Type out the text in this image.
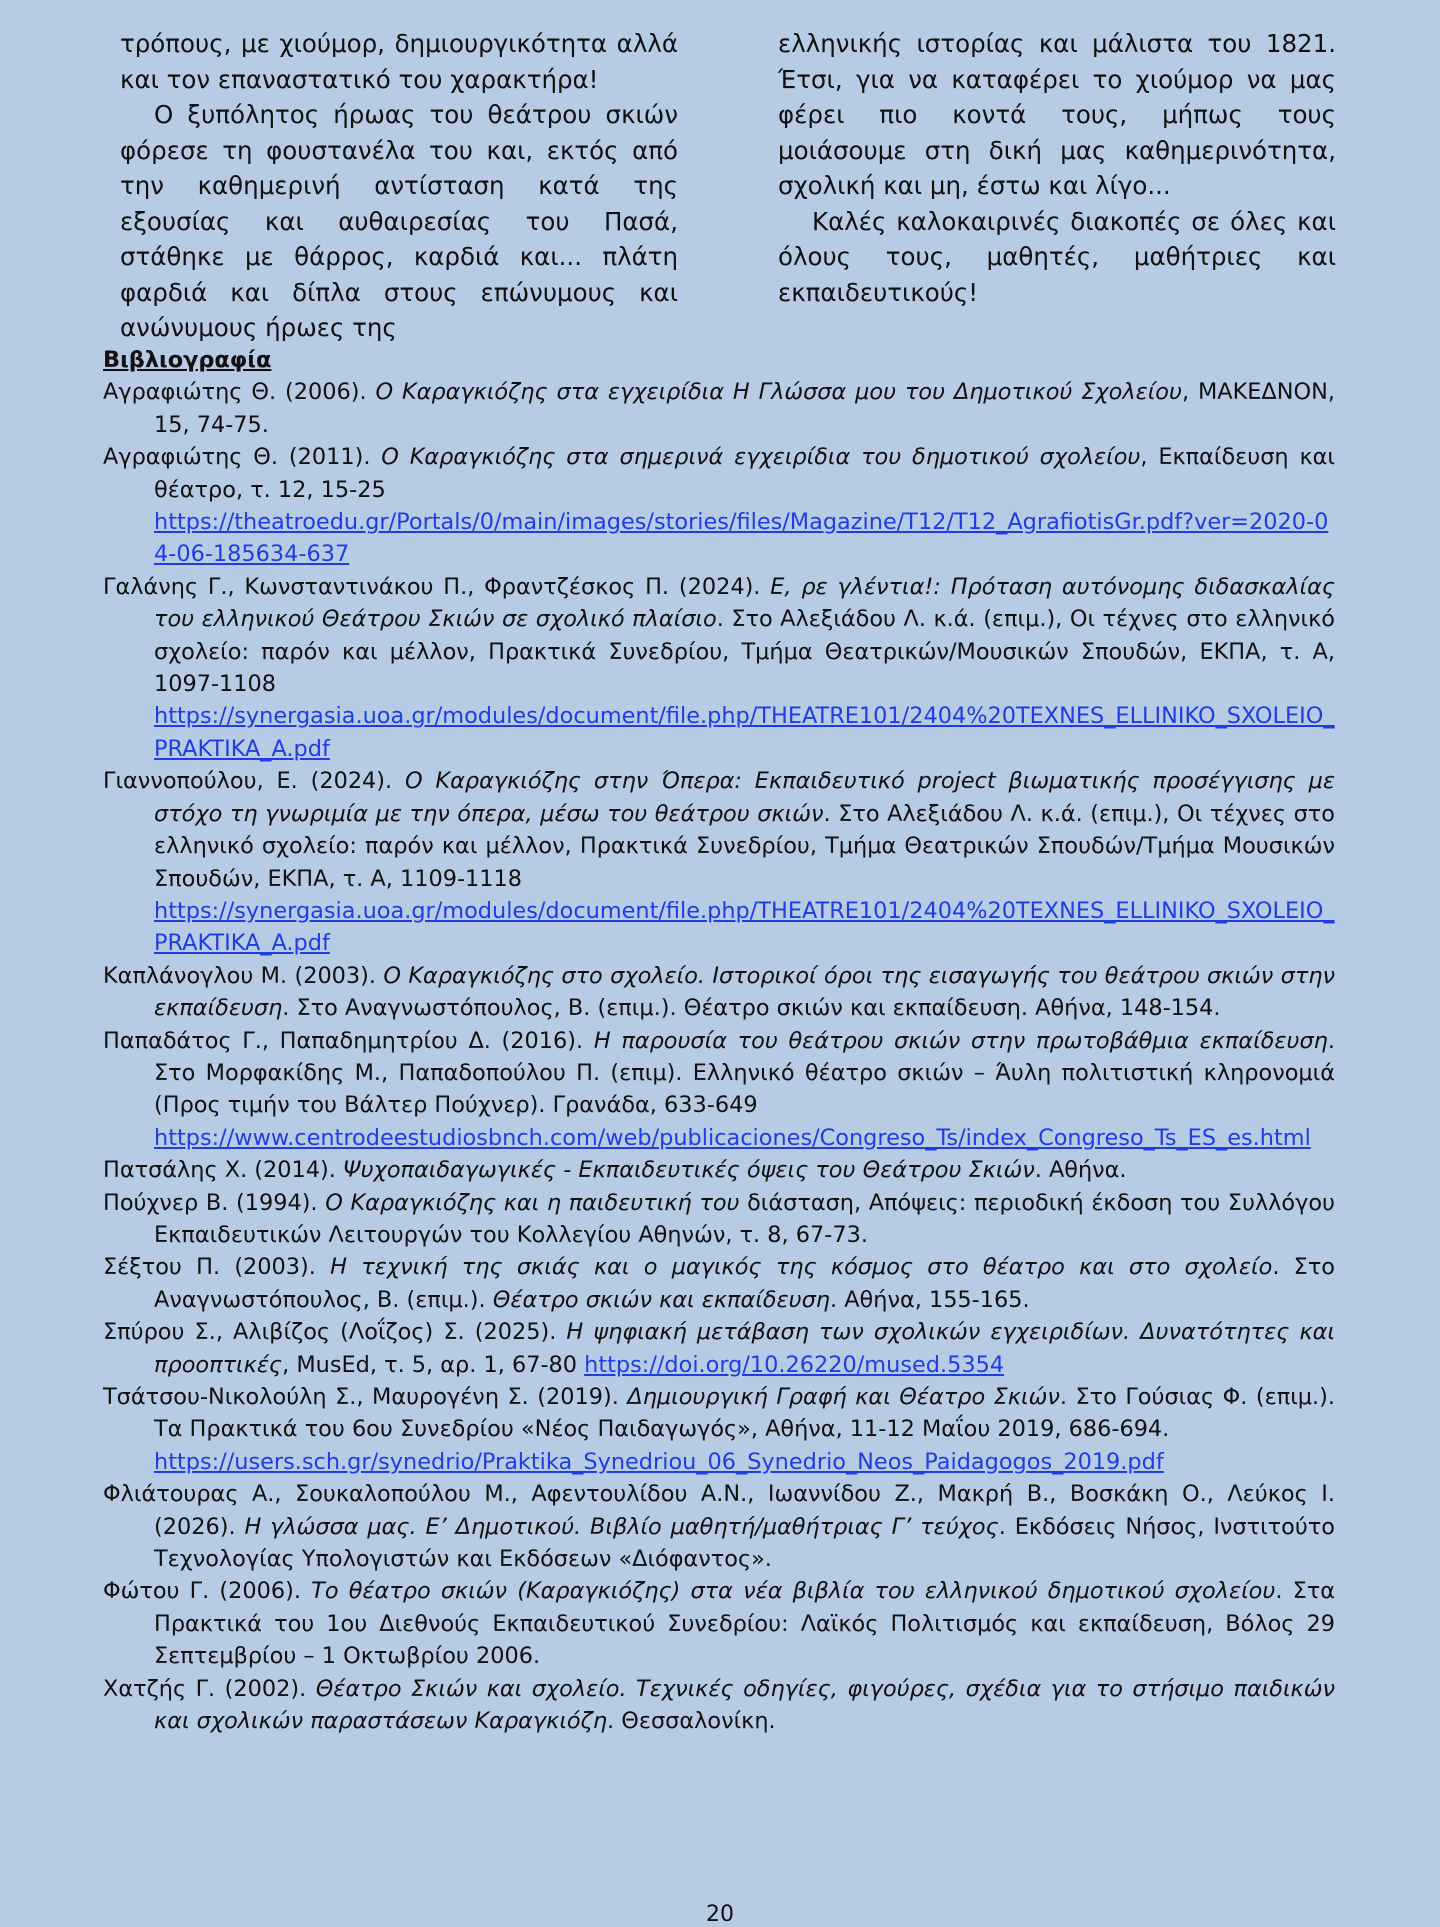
τρόπους, με χιούμορ, δημιουργικότητα αλλά και τον επαναστατικό του χαρακτήρα!

Ο ξυπόλητος ήρωας του θεάτρου σκιών φόρεσε τη φουστανέλα του και, εκτός από την καθημερινή αντίσταση κατά της εξουσίας και αυθαιρεσίας του Πασά, στάθηκε με θάρρος, καρδιά και... πλάτη φαρδιά και δίπλα στους επώνυμους και ανώνυμους ήρωες της

ελληνικής ιστορίας και μάλιστα του 1821. Έτσι, για να καταφέρει το χιούμορ να μας φέρει πιο κοντά τους, μήπως τους μοιάσουμε στη δική μας καθημερινότητα, σχολική και μη, έστω και λίγο...

Καλές καλοκαιρινές διακοπές σε όλες και όλους τους, μαθητές, μαθήτριες και εκπαιδευτικούς!

Βιβλιογραφία

Αγραφιώτης Θ. (2006). Ο Καραγκιόζης στα εγχειρίδια Η Γλώσσα μου του Δημοτικού Σχολείου, ΜΑΚΕΔΝΟΝ, 15, 74-75.

Αγραφιώτης Θ. (2011). Ο Καραγκιόζης στα σημερινά εγχειρίδια του δημοτικού σχολείου, Εκπαίδευση και θέατρο, τ. 12, 15-25
https://theatroedu.gr/Portals/0/main/images/stories/files/Magazine/T12/T12_AgrafiotisGr.pdf?ver=2020-04-06-185634-637

Γαλάνης Γ., Κωνσταντινάκου Π., Φραντζέσκος Π. (2024). Ε, ρε γλέντια!: Πρόταση αυτόνομης διδασκαλίας του ελληνικού Θεάτρου Σκιών σε σχολικό πλαίσιο. Στο Αλεξιάδου Λ. κ.ά. (επιμ.), Οι τέχνες στο ελληνικό σχολείο: παρόν και μέλλον, Πρακτικά Συνεδρίου, Τμήμα Θεατρικών/Μουσικών Σπουδών, ΕΚΠΑ, τ. Α, 1097-1108
https://synergasia.uoa.gr/modules/document/file.php/THEATRE101/2404%20TEXNES_ELLINIKO_SXOLEIO_PRAKTIKA_A.pdf

Γιαννοπούλου, Ε. (2024). Ο Καραγκιόζης στην Όπερα: Εκπαιδευτικό project βιωματικής προσέγγισης με στόχο τη γνωριμία με την όπερα, μέσω του θεάτρου σκιών. Στο Αλεξιάδου Λ. κ.ά. (επιμ.), Οι τέχνες στο ελληνικό σχολείο: παρόν και μέλλον, Πρακτικά Συνεδρίου, Τμήμα Θεατρικών Σπουδών/Τμήμα Μουσικών Σπουδών, ΕΚΠΑ, τ. Α, 1109-1118
https://synergasia.uoa.gr/modules/document/file.php/THEATRE101/2404%20TEXNES_ELLINIKO_SXOLEIO_PRAKTIKA_A.pdf

Καπλάνογλου Μ. (2003). Ο Καραγκιόζης στο σχολείο. Ιστορικοί όροι της εισαγωγής του θεάτρου σκιών στην εκπαίδευση. Στο Αναγνωστόπουλος, Β. (επιμ.). Θέατρο σκιών και εκπαίδευση. Αθήνα, 148-154.

Παπαδάτος Γ., Παπαδημητρίου Δ. (2016). Η παρουσία του θεάτρου σκιών στην πρωτοβάθμια εκπαίδευση. Στο Μορφακίδης Μ., Παπαδοπούλου Π. (επιμ). Ελληνικό θέατρο σκιών – Άυλη πολιτιστική κληρονομιά (Προς τιμήν του Βάλτερ Πούχνερ). Γρανάδα, 633-649
https://www.centrodeestudiosbnch.com/web/publicaciones/Congreso_Ts/index_Congreso_Ts_ES_es.html

Πατσάλης Χ. (2014). Ψυχοπαιδαγωγικές - Εκπαιδευτικές όψεις του Θεάτρου Σκιών. Αθήνα.

Πούχνερ Β. (1994). Ο Καραγκιόζης και η παιδευτική του διάσταση, Απόψεις: περιοδική έκδοση του Συλλόγου Εκπαιδευτικών Λειτουργών του Κολλεγίου Αθηνών, τ. 8, 67-73.

Σέξτου Π. (2003). Η τεχνική της σκιάς και ο μαγικός της κόσμος στο θέατρο και στο σχολείο. Στο Αναγνωστόπουλος, Β. (επιμ.). Θέατρο σκιών και εκπαίδευση. Αθήνα, 155-165.

Σπύρου Σ., Αλιβίζος (Λοΐζος) Σ. (2025). Η ψηφιακή μετάβαση των σχολικών εγχειριδίων. Δυνατότητες και προοπτικές, MusEd, τ. 5, αρ. 1, 67-80 https://doi.org/10.26220/mused.5354

Τσάτσου-Νικολούλη Σ., Μαυρογένη Σ. (2019). Δημιουργική Γραφή και Θέατρο Σκιών. Στο Γούσιας Φ. (επιμ.). Τα Πρακτικά του 6ου Συνεδρίου «Νέος Παιδαγωγός», Αθήνα, 11-12 Μαΐου 2019, 686-694.
https://users.sch.gr/synedrio/Praktika_Synedriou_06_Synedrio_Neos_Paidagogos_2019.pdf

Φλιάτουρας Α., Σουκαλοπούλου Μ., Αφεντουλίδου Α.Ν., Ιωαννίδου Ζ., Μακρή Β., Βοσκάκη Ο., Λεύκος Ι. (2026). Η γλώσσα μας. Ε’ Δημοτικού. Βιβλίο μαθητή/μαθήτριας Γ’ τεύχος. Εκδόσεις Νήσος, Ινστιτούτο Τεχνολογίας Υπολογιστών και Εκδόσεων «Διόφαντος».

Φώτου Γ. (2006). Το θέατρο σκιών (Καραγκιόζης) στα νέα βιβλία του ελληνικού δημοτικού σχολείου. Στα Πρακτικά του 1ου Διεθνούς Εκπαιδευτικού Συνεδρίου: Λαϊκός Πολιτισμός και εκπαίδευση, Βόλος 29 Σεπτεμβρίου – 1 Οκτωβρίου 2006.

Χατζής Γ. (2002). Θέατρο Σκιών και σχολείο. Τεχνικές οδηγίες, φιγούρες, σχέδια για το στήσιμο παιδικών και σχολικών παραστάσεων Καραγκιόζη. Θεσσαλονίκη.

20
